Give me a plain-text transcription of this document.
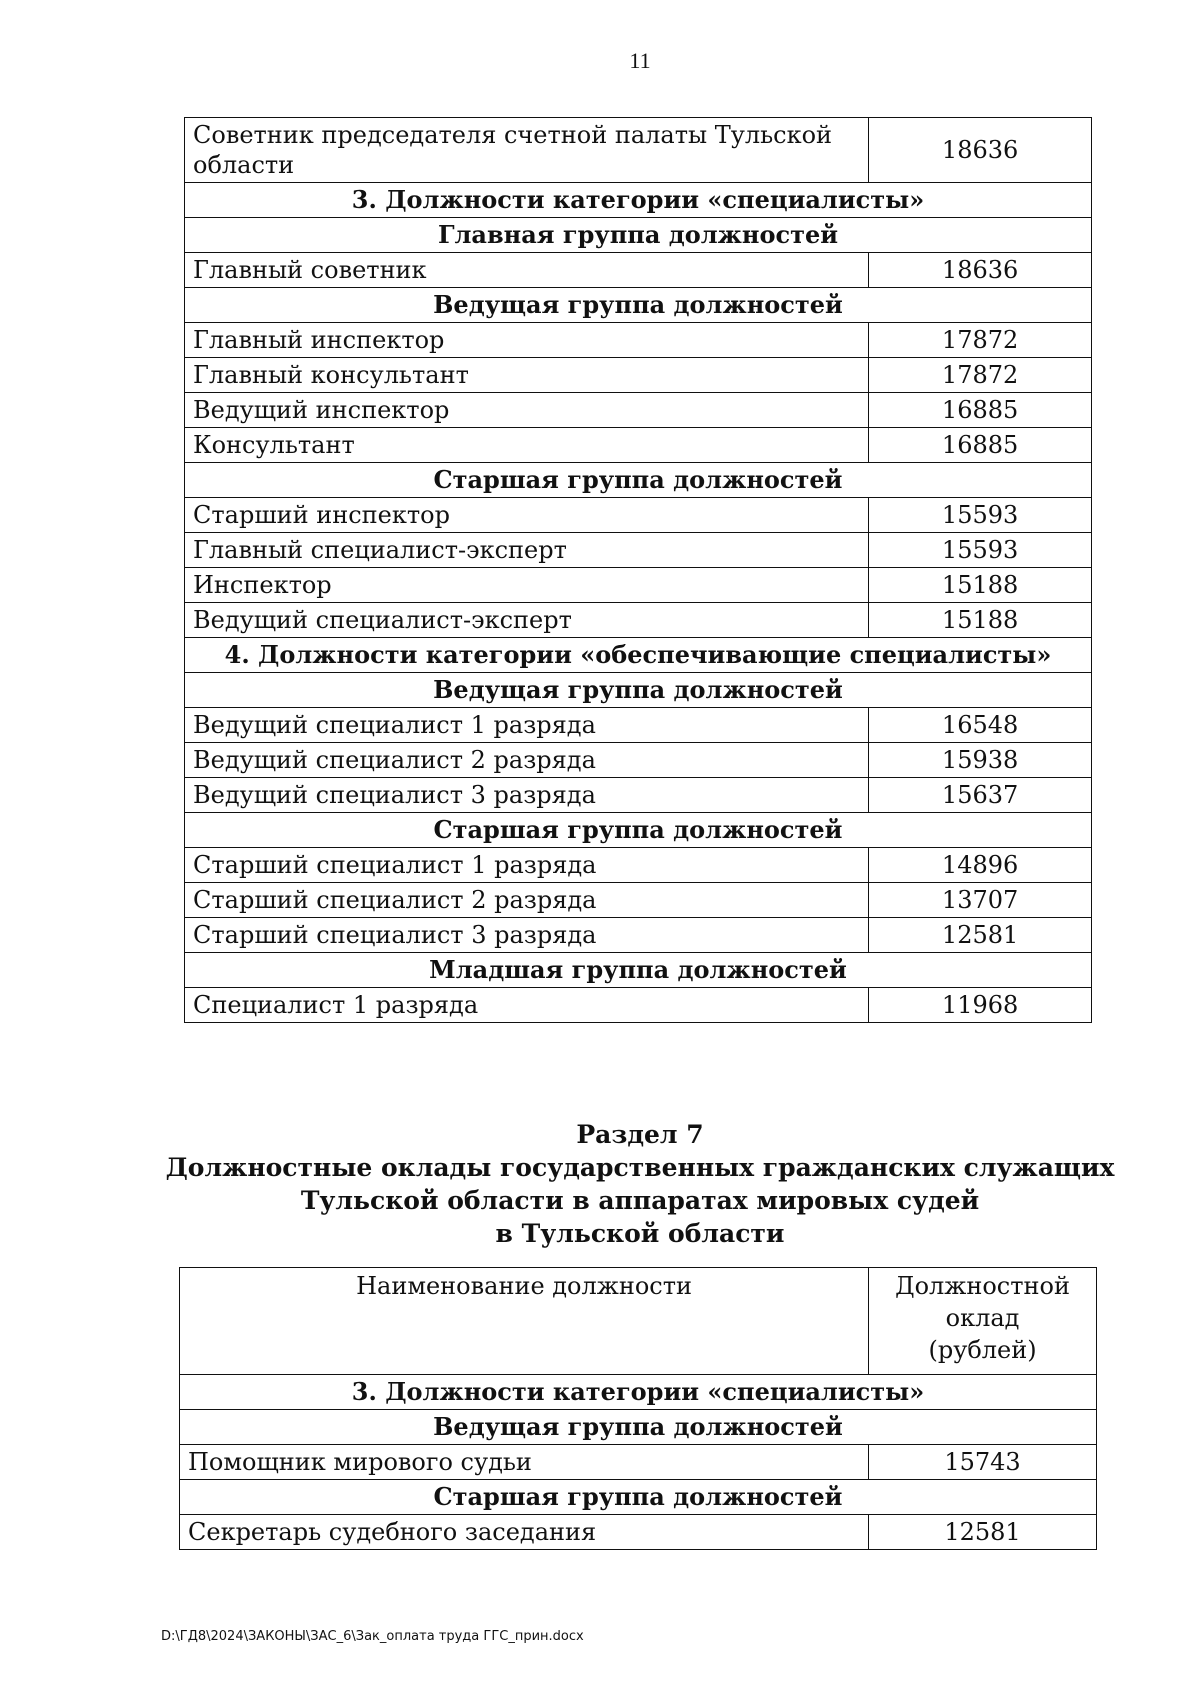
11
Советник председателя счетной палаты Тульской области	18636
3. Должности категории «специалисты»	
Главная группа должностей	
Главный советник	18636
Ведущая группа должностей	
Главный инспектор	17872
Главный консультант	17872
Ведущий инспектор	16885
Консультант	16885
Старшая группа должностей	
Старший инспектор	15593
Главный специалист-эксперт	15593
Инспектор	15188
Ведущий специалист-эксперт	15188
4. Должности категории «обеспечивающие специалисты»	
Ведущая группа должностей	
Ведущий специалист 1 разряда	16548
Ведущий специалист 2 разряда	15938
Ведущий специалист 3 разряда	15637
Старшая группа должностей	
Старший специалист 1 разряда	14896
Старший специалист 2 разряда	13707
Старший специалист 3 разряда	12581
Младшая группа должностей	
Специалист 1 разряда	11968
Раздел 7
Должностные оклады государственных гражданских служащих
Тульской области в аппаратах мировых судей
в Тульской области
Наименование должности	Должностной
оклад
(рублей)

3. Должности категории «специалисты»	
Ведущая группа должностей	
Помощник мирового судьи	15743
Старшая группа должностей	
Секретарь судебного заседания	12581
D:\ГД8\2024\ЗАКОНЫ\ЗАС_6\Зак_оплата труда ГГС_прин.docx
